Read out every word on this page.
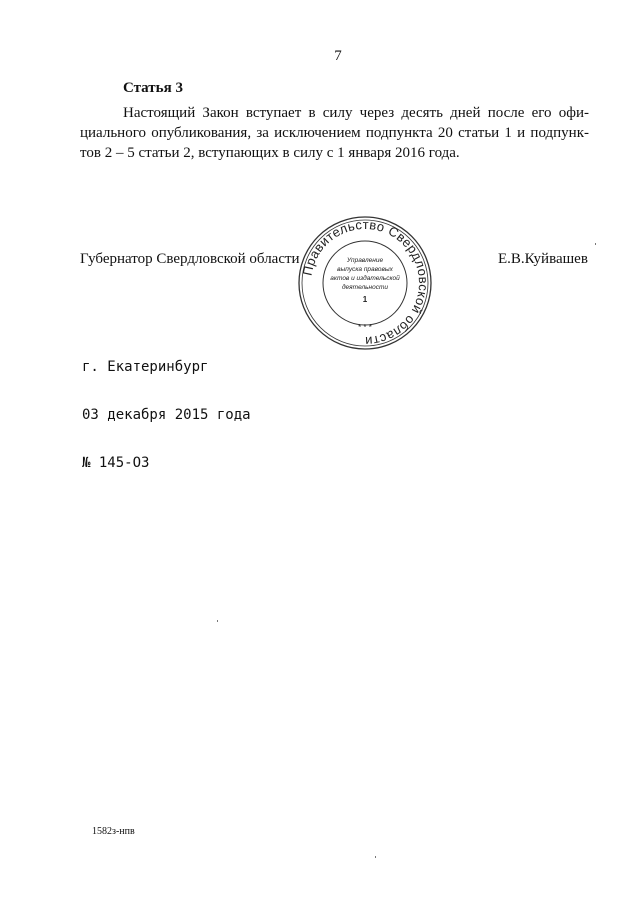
7
Статья 3
Настоящий Закон вступает в силу через десять дней после его офи-
циального опубликования, за исключением подпункта 20 статьи 1 и подпунк-
тов 2 – 5 статьи 2, вступающих в силу с 1 января 2016 года.
Губернатор Свердловской области	Е.В.Куйвашев
Правительство Свердловской области
Управление
выпуска правовых
актов и издательской
деятельности
1
* * *

г. Екатеринбург

03 декабря 2015 года

№ 145-ОЗ

1582з-нпв
